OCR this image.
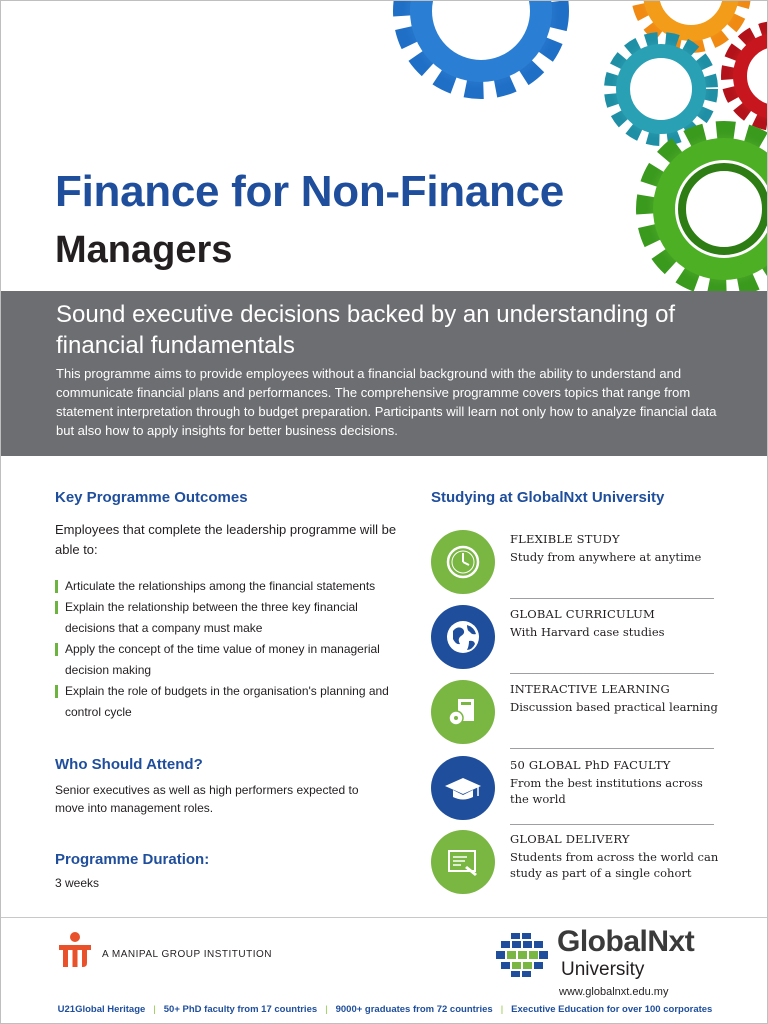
Finance for Non-Finance
Managers
Sound executive decisions backed by an understanding of financial fundamentals
This programme aims to provide employees without a financial background with the ability to understand and communicate financial plans and performances. The comprehensive programme covers topics that range from statement interpretation through to budget preparation. Participants will learn not only how to analyze financial data but also how to apply insights for better business decisions.
Key Programme Outcomes
Employees that complete the leadership programme will be able to:
Articulate the relationships among the financial statements
Explain the relationship between the three key financial decisions that a company must make
Apply the concept of the time value of money in managerial decision making
Explain the role of budgets in the organisation's planning and control cycle
Who Should Attend?
Senior executives as well as high performers expected to move into management roles.
Programme Duration:
3 weeks
Studying at GlobalNxt University
FLEXIBLE STUDY
Study from anywhere at anytime
GLOBAL CURRICULUM
With Harvard case studies
INTERACTIVE LEARNING
Discussion based practical learning
50 GLOBAL PhD FACULTY
From the best institutions across the world
GLOBAL DELIVERY
Students from across the world can study as part of a single cohort
A MANIPAL GROUP INSTITUTION	GlobalNxt
University
www.globalnxt.edu.my
U21Global Heritage | 50+ PhD faculty from 17 countries | 9000+ graduates from 72 countries | Executive Education for over 100 corporates
